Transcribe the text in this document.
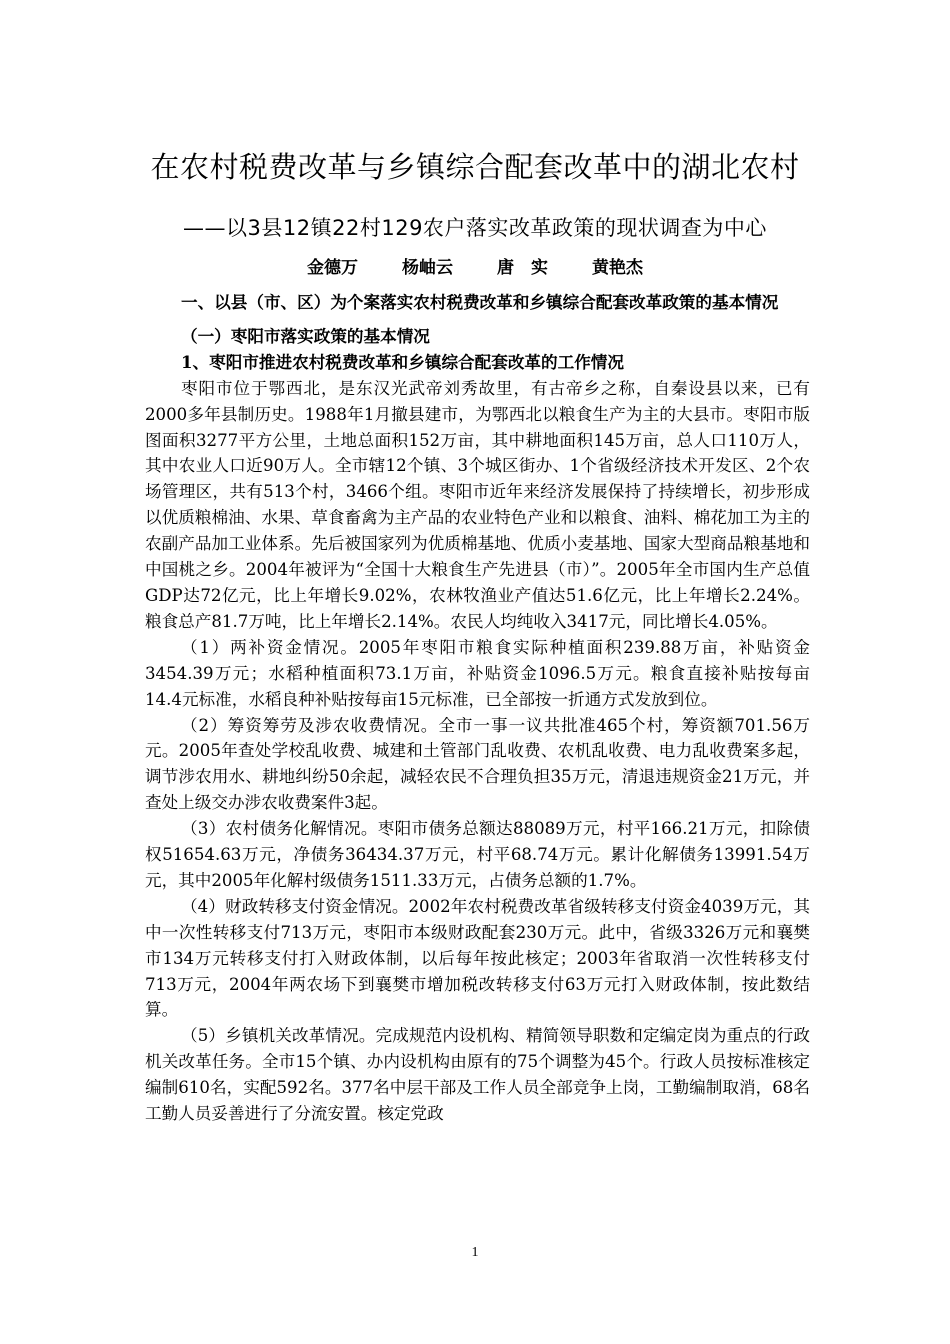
在农村税费改革与乡镇综合配套改革中的湖北农村
——以3县12镇22村129农户落实改革政策的现状调查为中心
金德万	杨岫云	唐　实	黄艳杰

一、以县（市、区）为个案落实农村税费改革和乡镇综合配套改革政策的基本情况

（一）枣阳市落实政策的基本情况

1、枣阳市推进农村税费改革和乡镇综合配套改革的工作情况

枣阳市位于鄂西北，是东汉光武帝刘秀故里，有古帝乡之称，自秦设县以来，已有2000多年县制历史。1988年1月撤县建市，为鄂西北以粮食生产为主的大县市。枣阳市版图面积3277平方公里，土地总面积152万亩，其中耕地面积145万亩，总人口110万人，其中农业人口近90万人。全市辖12个镇、3个城区街办、1个省级经济技术开发区、2个农场管理区，共有513个村，3466个组。枣阳市近年来经济发展保持了持续增长，初步形成以优质粮棉油、水果、草食畜禽为主产品的农业特色产业和以粮食、油料、棉花加工为主的农副产品加工业体系。先后被国家列为优质棉基地、优质小麦基地、国家大型商品粮基地和中国桃之乡。2004年被评为“全国十大粮食生产先进县（市）”。2005年全市国内生产总值GDP达72亿元，比上年增长9.02%，农林牧渔业产值达51.6亿元，比上年增长2.24%。粮食总产81.7万吨，比上年增长2.14%。农民人均纯收入3417元，同比增长4.05%。

（1）两补资金情况。2005年枣阳市粮食实际种植面积239.88万亩，补贴资金3454.39万元；水稻种植面积73.1万亩，补贴资金1096.5万元。粮食直接补贴按每亩14.4元标准，水稻良种补贴按每亩15元标准，已全部按一折通方式发放到位。

（2）筹资筹劳及涉农收费情况。全市一事一议共批准465个村，筹资额701.56万元。2005年查处学校乱收费、城建和土管部门乱收费、农机乱收费、电力乱收费案多起，调节涉农用水、耕地纠纷50余起，减轻农民不合理负担35万元，清退违规资金21万元，并查处上级交办涉农收费案件3起。

（3）农村债务化解情况。枣阳市债务总额达88089万元，村平166.21万元，扣除债权51654.63万元，净债务36434.37万元，村平68.74万元。累计化解债务13991.54万元，其中2005年化解村级债务1511.33万元，占债务总额的1.7%。

（4）财政转移支付资金情况。2002年农村税费改革省级转移支付资金4039万元，其中一次性转移支付713万元，枣阳市本级财政配套230万元。此中，省级3326万元和襄樊市134万元转移支付打入财政体制，以后每年按此核定；2003年省取消一次性转移支付713万元，2004年两农场下到襄樊市增加税改转移支付63万元打入财政体制，按此数结算。

（5）乡镇机关改革情况。完成规范内设机构、精简领导职数和定编定岗为重点的行政机关改革任务。全市15个镇、办内设机构由原有的75个调整为45个。行政人员按标准核定编制610名，实配592名。377名中层干部及工作人员全部竞争上岗，工勤编制取消，68名工勤人员妥善进行了分流安置。核定党政

1
